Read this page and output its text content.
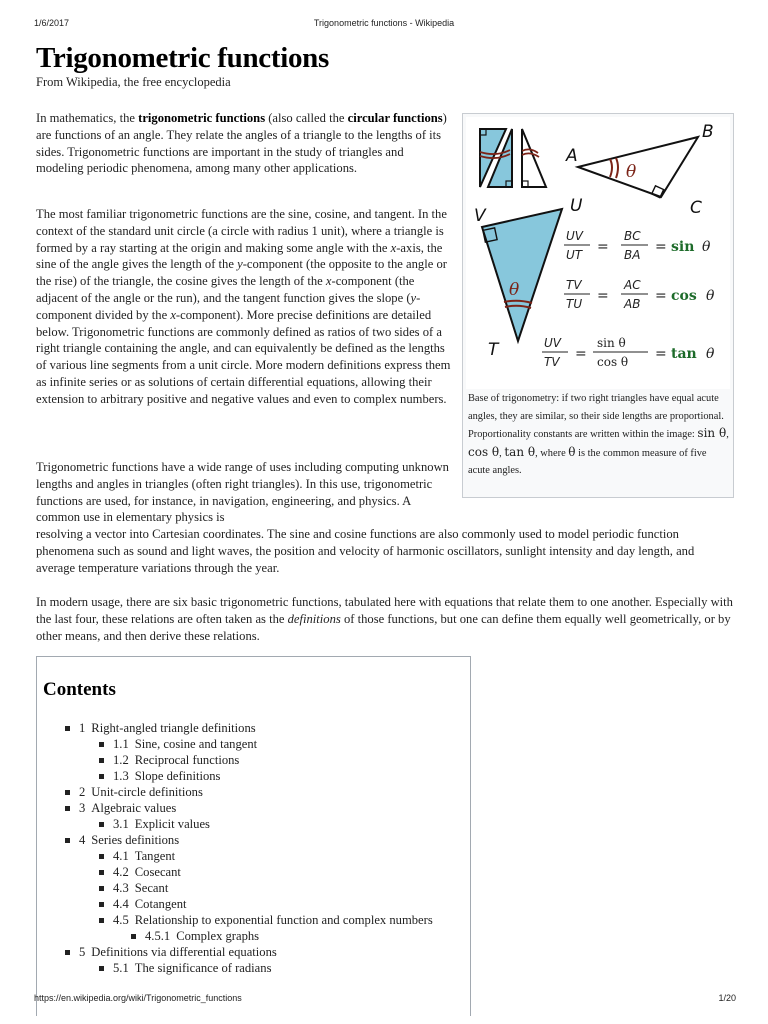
1/6/2017	Trigonometric functions - Wikipedia
Trigonometric functions
From Wikipedia, the free encyclopedia

In mathematics, the trigonometric functions (also called the circular functions) are functions of an angle. They relate the angles of a triangle to the lengths of its sides. Trigonometric functions are important in the study of triangles and modeling periodic phenomena, among many other applications.

The most familiar trigonometric functions are the sine, cosine, and tangent. In the context of the standard unit circle (a circle with radius 1 unit), where a triangle is formed by a ray starting at the origin and making some angle with the x-axis, the sine of the angle gives the length of the y-component (the opposite to the angle or the rise) of the triangle, the cosine gives the length of the x-component (the adjacent of the angle or the run), and the tangent function gives the slope (y-component divided by the x-component). More precise definitions are detailed below. Trigonometric functions are commonly defined as ratios of two sides of a right triangle containing the angle, and can equivalently be defined as the lengths of various line segments from a unit circle. More modern definitions express them as infinite series or as solutions of certain differential equations, allowing their extension to arbitrary positive and negative values and even to complex numbers.

Trigonometric functions have a wide range of uses including computing unknown lengths and angles in triangles (often right triangles). In this use, trigonometric functions are used, for instance, in navigation, engineering, and physics. A common use in elementary physics is

resolving a vector into Cartesian coordinates. The sine and cosine functions are also commonly used to model periodic function phenomena such as sound and light waves, the position and velocity of harmonic oscillators, sunlight intensity and day length, and average temperature variations through the year.

In modern usage, there are six basic trigonometric functions, tabulated here with equations that relate them to one another. Especially with the last four, these relations are often taken as the definitions of those functions, but one can define them equally well geometrically, or by other means, and then derive these relations.

A
B
C
θ
V	U
T
θ
UV
UT =
BC
BA = sin θ
TV
TU =
AC
AB = cos θ
UV
TV =
sin θ
cos θ = tan θ
Base of trigonometry: if two right triangles have equal acute angles, they are similar, so their side lengths are proportional. Proportionality constants are written within the image: sin θ, cos θ, tan θ, where θ is the common measure of five acute angles.
Contents
1 Right-angled triangle definitions
1.1 Sine, cosine and tangent
1.2 Reciprocal functions
1.3 Slope definitions
2 Unit-circle definitions
3 Algebraic values
3.1 Explicit values
4 Series definitions
4.1 Tangent
4.2 Cosecant
4.3 Secant
4.4 Cotangent
4.5 Relationship to exponential function and complex numbers
4.5.1 Complex graphs
5 Definitions via differential equations
5.1 The significance of radians
https://en.wikipedia.org/wiki/Trigonometric_functions	1/20
